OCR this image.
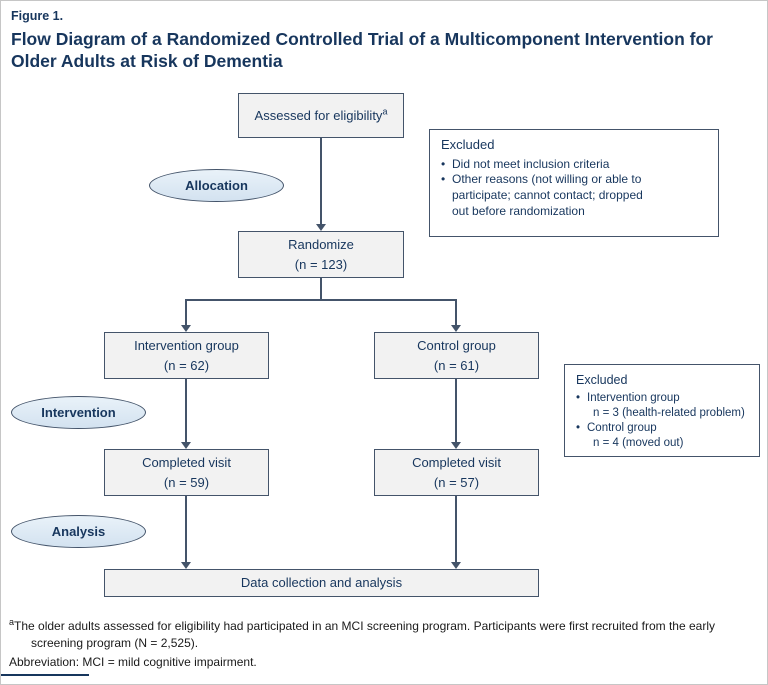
Figure 1.
Flow Diagram of a Randomized Controlled Trial of a Multicomponent Intervention for
Older Adults at Risk of Dementia
Assessed for eligibility$^a$
Excluded
• Did not meet inclusion criteria
• Other reasons (not willing or able to participate; cannot contact; dropped out before randomization
Allocation
Randomize
(n = 123)
Intervention group
(n = 62)
Control group
(n = 61)
Excluded
• Intervention group
n = 3 (health-related problem)
• Control group
n = 4 (moved out)
Intervention
Completed visit
(n = 59)
Completed visit
(n = 57)
Analysis
Data collection and analysis
$^a$The older adults assessed for eligibility had participated in an MCI screening program. Participants were first recruited from the early screening program (N = 2,525).
Abbreviation: MCI = mild cognitive impairment.
